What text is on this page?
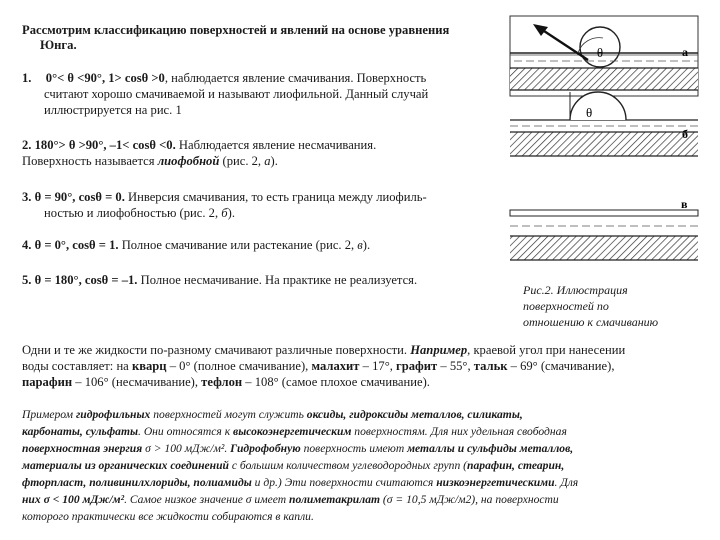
Рассмотрим классификацию поверхностей и явлений на основе уравнения
Юнга.
1. 0°< θ <90°, 1> cosθ >0, наблюдается явление смачивания. Поверхность
считают хорошо смачиваемой и называют лиофильной. Данный случай
иллюстрируется на рис. 1
2. 180°> θ >90°, –1< cosθ <0. Наблюдается явление несмачивания.
Поверхность называется лиофобной (рис. 2, а).
3. θ = 90°, cosθ = 0. Инверсия смачивания, то есть граница между лиофиль-
ностью и лиофобностью (рис. 2, б).
4. θ = 0°, cosθ = 1. Полное смачивание или растекание (рис. 2, в).
5. θ = 180°, cosθ = –1. Полное несмачивание. На практике не реализуется.
θ	а
θ
б
в
Рис.2. Иллюстрация
поверхностей по
отношению к смачиванию
Одни и те же жидкости по-разному смачивают различные поверхности. Например, краевой угол при нанесении
воды составляет: на кварц – 0° (полное смачивание), малахит – 17°, графит – 55°, тальк – 69° (смачивание),
парафин – 106° (несмачивание), тефлон – 108° (самое плохое смачивание).
Примером гидрофильных поверхностей могут служить оксиды, гидроксиды металлов, силикаты,
карбонаты, сульфаты. Они относятся к высокоэнергетическим поверхностям. Для них удельная свободная
поверхностная энергия σ > 100 мДж/м². Гидрофобную поверхность имеют металлы и сульфиды металлов,
материалы из органических соединений с большим количеством углеводородных групп (парафин, стеарин,
фторпласт, поливинилхлориды, полиамиды и др.) Эти поверхности считаются низкоэнергетическими. Для
них σ < 100 мДж/м². Самое низкое значение σ имеет полиметакрилат (σ = 10,5 мДж/м2), на поверхности
которого практически все жидкости собираются в капли.
